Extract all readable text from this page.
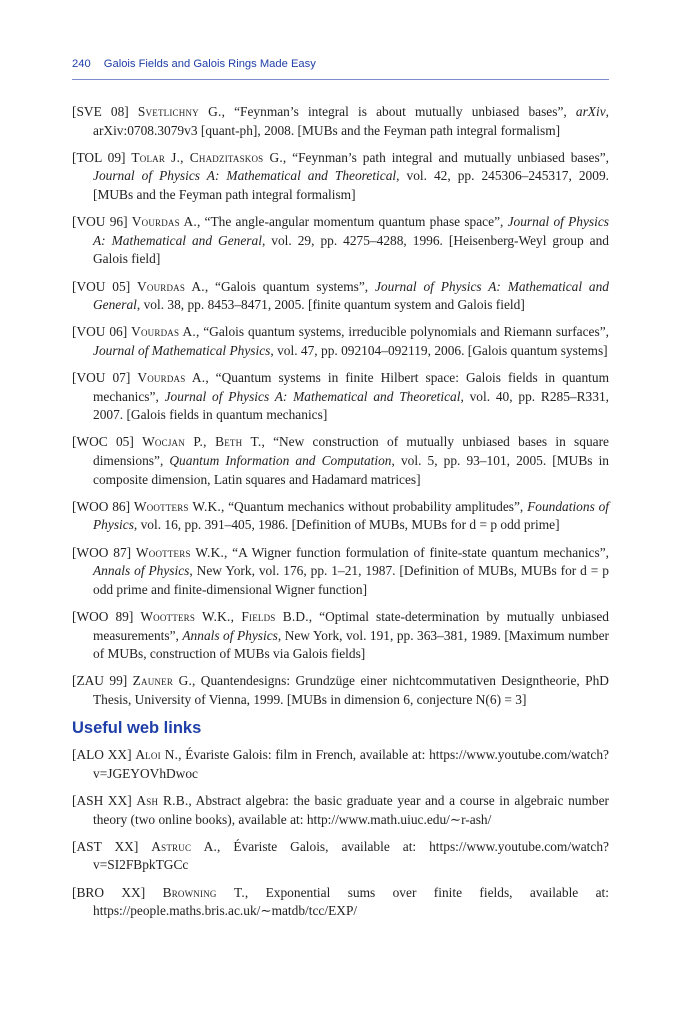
240 Galois Fields and Galois Rings Made Easy

[SVE 08] Svetlichny G., “Feynman’s integral is about mutually unbiased bases”, arXiv, arXiv:0708.3079v3 [quant-ph], 2008. [MUBs and the Feyman path integral formalism]

[TOL 09] Tolar J., Chadzitaskos G., “Feynman’s path integral and mutually unbiased bases”, Journal of Physics A: Mathematical and Theoretical, vol. 42, pp. 245306–245317, 2009. [MUBs and the Feyman path integral formalism]

[VOU 96] Vourdas A., “The angle-angular momentum quantum phase space”, Journal of Physics A: Mathematical and General, vol. 29, pp. 4275–4288, 1996. [Heisenberg-Weyl group and Galois field]

[VOU 05] Vourdas A., “Galois quantum systems”, Journal of Physics A: Mathematical and General, vol. 38, pp. 8453–8471, 2005. [finite quantum system and Galois field]

[VOU 06] Vourdas A., “Galois quantum systems, irreducible polynomials and Riemann surfaces”, Journal of Mathematical Physics, vol. 47, pp. 092104–092119, 2006. [Galois quantum systems]

[VOU 07] Vourdas A., “Quantum systems in finite Hilbert space: Galois fields in quantum mechanics”, Journal of Physics A: Mathematical and Theoretical, vol. 40, pp. R285–R331, 2007. [Galois fields in quantum mechanics]

[WOC 05] Wocjan P., Beth T., “New construction of mutually unbiased bases in square dimensions”, Quantum Information and Computation, vol. 5, pp. 93–101, 2005. [MUBs in composite dimension, Latin squares and Hadamard matrices]

[WOO 86] Wootters W.K., “Quantum mechanics without probability amplitudes”, Foundations of Physics, vol. 16, pp. 391–405, 1986. [Definition of MUBs, MUBs for d = p odd prime]

[WOO 87] Wootters W.K., “A Wigner function formulation of finite-state quantum mechanics”, Annals of Physics, New York, vol. 176, pp. 1–21, 1987. [Definition of MUBs, MUBs for d = p odd prime and finite-dimensional Wigner function]

[WOO 89] Wootters W.K., Fields B.D., “Optimal state-determination by mutually unbiased measurements”, Annals of Physics, New York, vol. 191, pp. 363–381, 1989. [Maximum number of MUBs, construction of MUBs via Galois fields]

[ZAU 99] Zauner G., Quantendesigns: Grundzüge einer nichtcommutativen Designtheorie, PhD Thesis, University of Vienna, 1999. [MUBs in dimension 6, conjecture N(6) = 3]

Useful web links

[ALO XX] Aloi N., Évariste Galois: film in French, available at: https://www.youtube.com/watch?v=JGEYOVhDwoc

[ASH XX] Ash R.B., Abstract algebra: the basic graduate year and a course in algebraic number theory (two online books), available at: http://www.math.uiuc.edu/∼r-ash/

[AST XX] Astruc A., Évariste Galois, available at: https://www.youtube.com/watch?v=SI2FBpkTGCc

[BRO XX] Browning T., Exponential sums over finite fields, available at: https://people.maths.bris.ac.uk/∼matdb/tcc/EXP/
